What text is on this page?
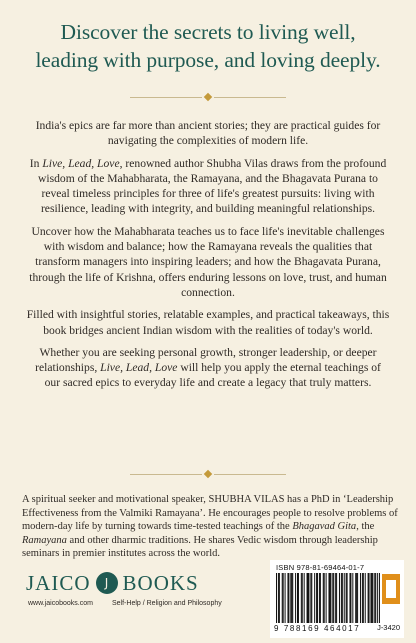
Discover the secrets to living well,
leading with purpose, and loving deeply.

India's epics are far more than ancient stories; they are practical guides for navigating the complexities of modern life.

In Live, Lead, Love, renowned author Shubha Vilas draws from the profound wisdom of the Mahabharata, the Ramayana, and the Bhagavata Purana to reveal timeless principles for three of life's greatest pursuits: living with resilience, leading with integrity, and building meaningful relationships.

Uncover how the Mahabharata teaches us to face life's inevitable challenges with wisdom and balance; how the Ramayana reveals the qualities that transform managers into inspiring leaders; and how the Bhagavata Purana, through the life of Krishna, offers enduring lessons on love, trust, and human connection.

Filled with insightful stories, relatable examples, and practical takeaways, this book bridges ancient Indian wisdom with the realities of today's world.

Whether you are seeking personal growth, stronger leadership, or deeper relationships, Live, Lead, Love will help you apply the eternal teachings of our sacred epics to everyday life and create a legacy that truly matters.

A spiritual seeker and motivational speaker, SHUBHA VILAS has a PhD in ‘Leadership Effectiveness from the Valmiki Ramayana’. He encourages people to resolve problems of modern-day life by turning towards time-tested teachings of the Bhagavad Gita, the Ramayana and other dharmic traditions. He shares Vedic wisdom through leadership seminars in premier institutes across the world.

JAICO	J BOOKS
www.jaicobooks.com	Self-Help / Religion and Philosophy
ISBN 978-81-69464-01-7
9 788169 464017 J-3420
